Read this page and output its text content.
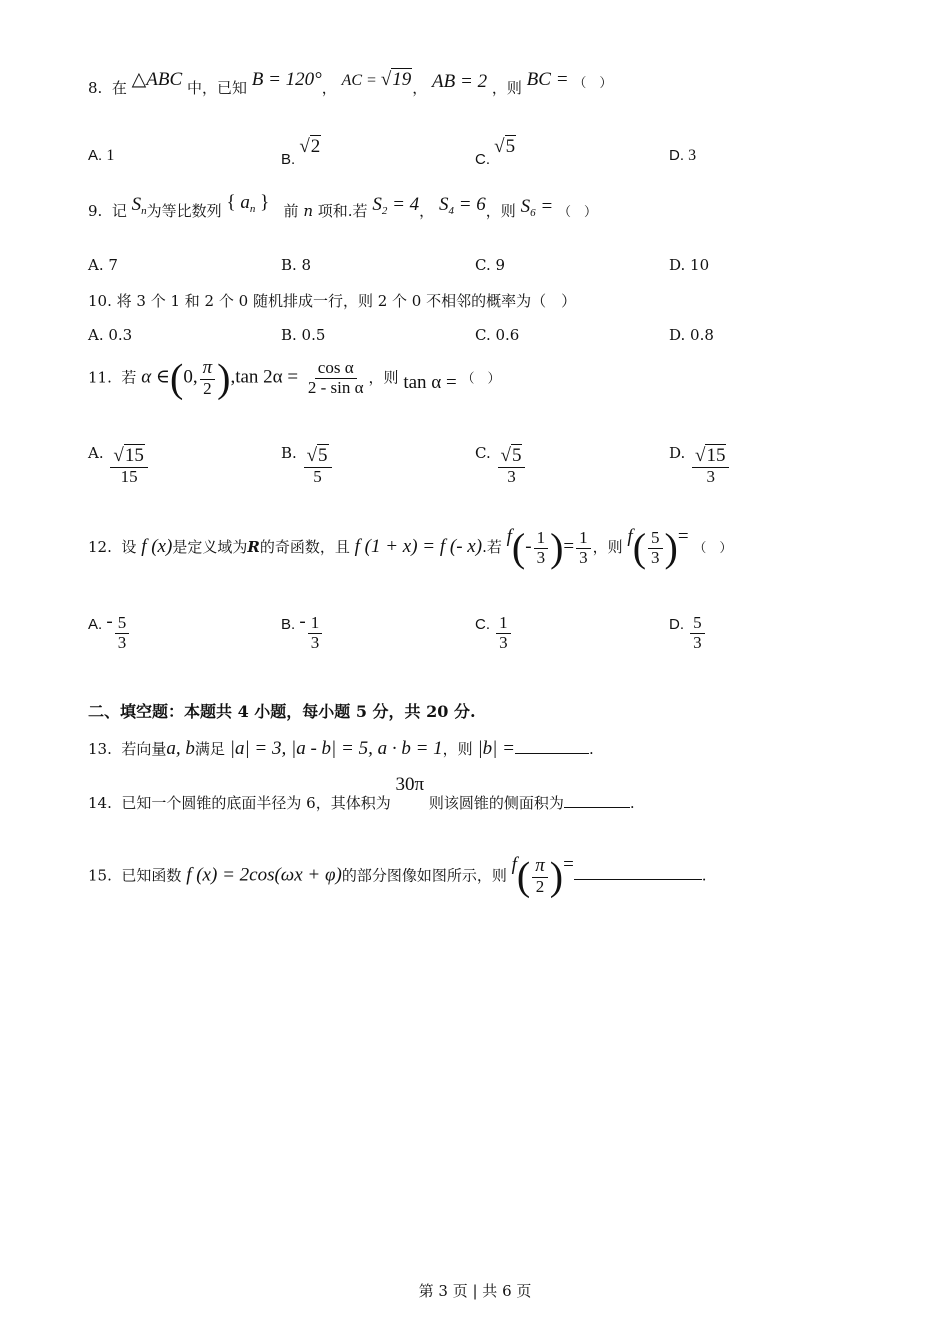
8. 在 △ABC 中，已知 B = 120°， AC = √19， AB = 2 ，则 BC = （　）
A. 1	B. √2
C. √5	D. 3
9. 记 $S_n$为等比数列 { $a_n$ } 前 n 项和.若 $S_2 = 4$， $S_4 = 6$，则 $S_6$ = （　）
A. 7	B. 8	C. 9	D. 10
10. 将 3 个 1 和 2 个 0 随机排成一行，则 2 个 0 不相邻的概率为（　）
A. 0.3	B. 0.5	C. 0.6	D. 0.8
11. 若 α ∈(0, $\frac{\pi}{2} ),\tan$ $2\alpha = \frac{\text{cos α}}{\text{2 - sin α}}$ ，则 tan α = （　）
A. $\frac{√15}{15}$	B. $\frac{√5}{5}$	C. $\frac{√5}{3}$	D. $\frac{√15}{3}$
12. 设 f (x)是定义域为R的奇函数，且 f (1 + x) = f (- x).若 $f(- \frac{1}{3}$ )= $\frac{1}{3}$ ，则 $f( \frac{5}{3}$ )= （　）
A. - $\frac{5}{3}$	B. - $\frac{1}{3}$	C. $\frac{1}{3}$	D. $\frac{5}{3}$
二、填空题：本题共 4 小题，每小题 5 分，共 20 分.
13. 若向量a, b满足 |a| = 3, |a - b| = 5, a · b = 1，则 |b| =	.
14. 已知一个圆锥的底面半径为 6，其体积为 30π 则该圆锥的侧面积为	.
15. 已知函数 f (x) = 2cos(ωx + φ)的部分图像如图所示，则 $f( \frac{\pi}{2}$ )=	.
第 3 页 | 共 6 页
